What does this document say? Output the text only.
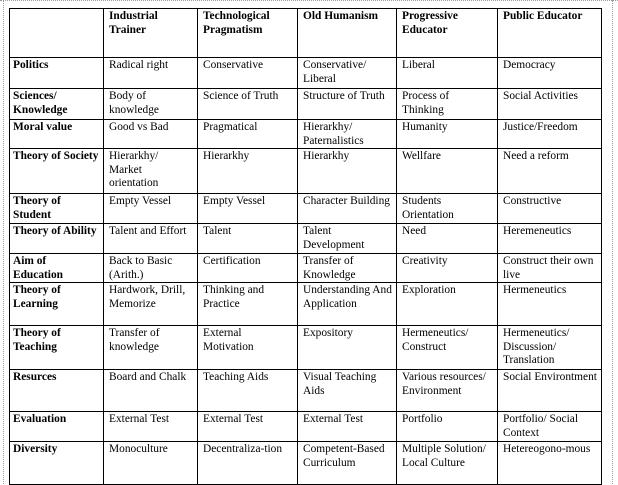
	Industrial Trainer	Technological Pragmatism	Old Humanism	Progressive Educator	Public Educator
Politics	Radical right	Conservative	Conservative/ Liberal	Liberal	Democracy
Sciences/ Knowledge	Body of knowledge	Science of Truth	Structure of Truth	Process of Thinking	Social Activities
Moral value	Good vs Bad	Pragmatical	Hierarkhy/ Paternalistics	Humanity	Justice/Freedom
Theory of Society	Hierarkhy/ Market orientation	Hierarkhy	Hierarkhy	Wellfare	Need a reform
Theory of Student	Empty Vessel	Empty Vessel	Character Building	Students Orientation	Constructive
Theory of Ability	Talent and Effort	Talent	Talent Development	Need	Heremeneutics
Aim of Education	Back to Basic (Arith.)	Certification	Transfer of Knowledge	Creativity	Construct their own live
Theory of Learning	Hardwork, Drill, Memorize	Thinking and Practice	Understanding And Application	Exploration	Hermeneutics
Theory of Teaching	Transfer of knowledge	External Motivation	Expository	Hermeneutics/ Construct	Hermeneutics/ Discussion/ Translation
Resurces	Board and Chalk	Teaching Aids	Visual Teaching Aids	Various resources/ Environment	Social Environtment
Evaluation	External Test	External Test	External Test	Portfolio	Portfolio/ Social Context
Diversity	Monoculture	Decentraliza-tion	Competent-Based Curriculum	Multiple Solution/ Local Culture	Hetereogono-mous
